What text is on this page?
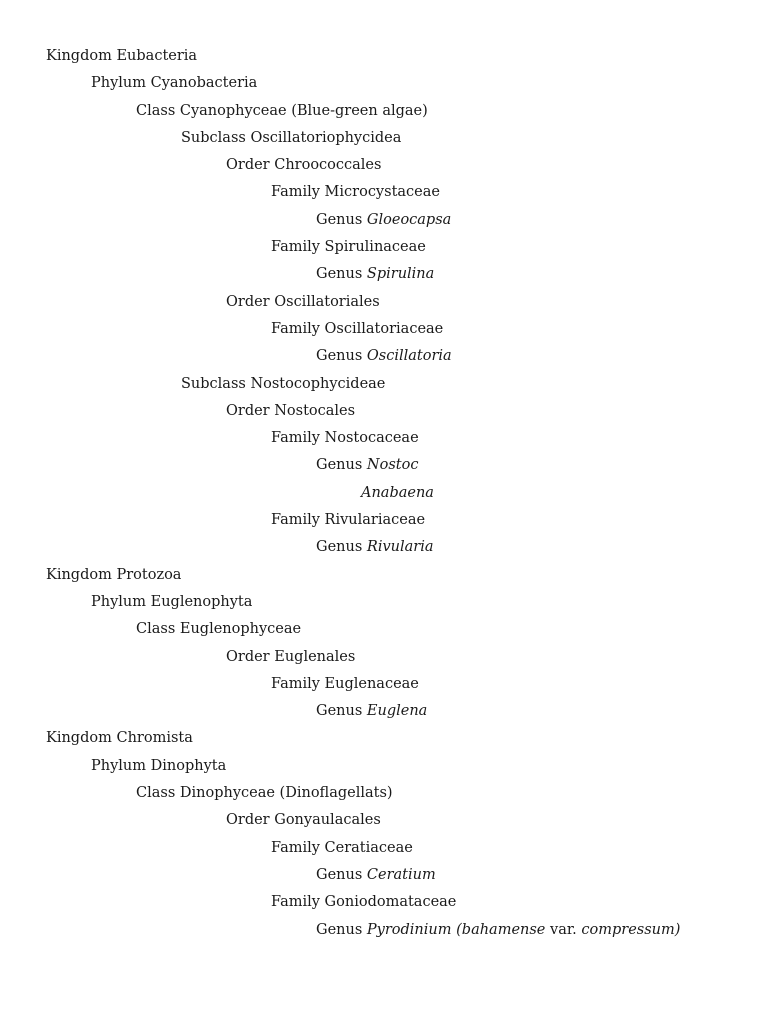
Kingdom Eubacteria
Phylum Cyanobacteria
Class Cyanophyceae (Blue-green algae)
Subclass Oscillatoriophycidea
Order Chroococcales
Family Microcystaceae
Genus Gloeocapsa
Family Spirulinaceae
Genus Spirulina
Order Oscillatoriales
Family Oscillatoriaceae
Genus Oscillatoria
Subclass Nostocophycideae
Order Nostocales
Family Nostocaceae
Genus Nostoc
Anabaena
Family Rivulariaceae
Genus Rivularia
Kingdom Protozoa
Phylum Euglenophyta
Class Euglenophyceae
Order Euglenales
Family Euglenaceae
Genus Euglena
Kingdom Chromista
Phylum Dinophyta
Class Dinophyceae (Dinoflagellats)
Order Gonyaulacales
Family Ceratiaceae
Genus Ceratium
Family Goniodomataceae
Genus Pyrodinium (bahamense var. compressum)
